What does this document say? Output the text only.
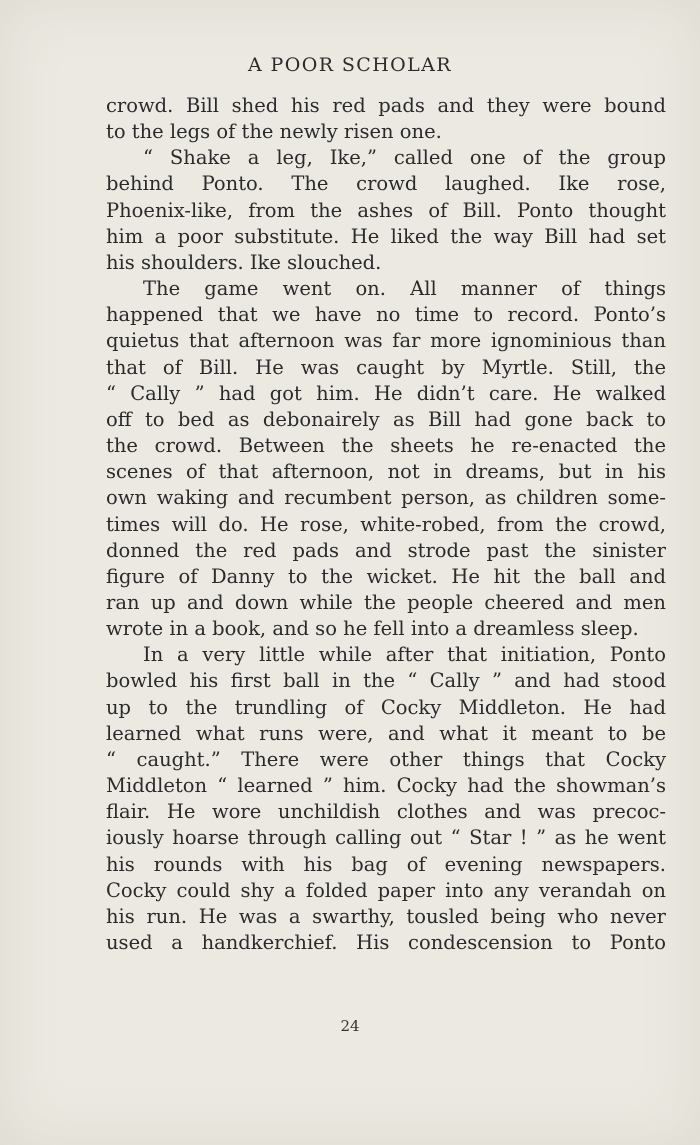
A POOR SCHOLAR

crowd. Bill shed his red pads and they were bound
to the legs of the newly risen one.

“ Shake a leg, Ike,” called one of the group
behind Ponto. The crowd laughed. Ike rose,
Phoenix-like, from the ashes of Bill. Ponto thought
him a poor substitute. He liked the way Bill had set
his shoulders. Ike slouched.

The game went on. All manner of things
happened that we have no time to record. Ponto’s
quietus that afternoon was far more ignominious than
that of Bill. He was caught by Myrtle. Still, the
“ Cally ” had got him. He didn’t care. He walked
off to bed as debonairely as Bill had gone back to
the crowd. Between the sheets he re-enacted the
scenes of that afternoon, not in dreams, but in his
own waking and recumbent person, as children some-
times will do. He rose, white-robed, from the crowd,
donned the red pads and strode past the sinister
figure of Danny to the wicket. He hit the ball and
ran up and down while the people cheered and men
wrote in a book, and so he fell into a dreamless sleep.

In a very little while after that initiation, Ponto
bowled his first ball in the “ Cally ” and had stood
up to the trundling of Cocky Middleton. He had
learned what runs were, and what it meant to be
“ caught.” There were other things that Cocky
Middleton “ learned ” him. Cocky had the showman’s
flair. He wore unchildish clothes and was precoc-
iously hoarse through calling out “ Star ! ” as he went
his rounds with his bag of evening newspapers.
Cocky could shy a folded paper into any verandah on
his run. He was a swarthy, tousled being who never
used a handkerchief. His condescension to Ponto

24
